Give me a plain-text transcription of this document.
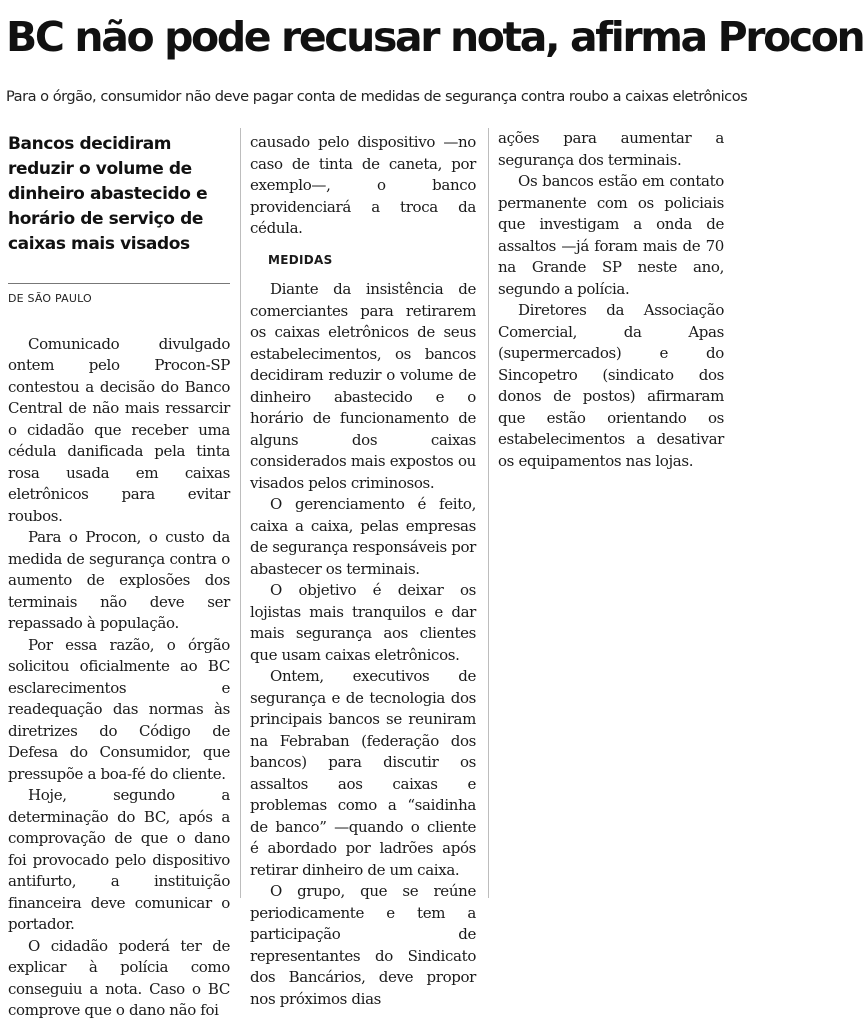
BC não pode recusar nota, afirma Procon
Para o órgão, consumidor não deve pagar conta de medidas de segurança contra roubo a caixas eletrônicos
Bancos decidiram reduzir o volume de dinheiro abastecido e horário de serviço de caixas mais visados
DE SÃO PAULO

Comunicado divulgado ontem pelo Procon-SP contestou a decisão do Banco Central de não mais ressarcir o cidadão que receber uma cédula danificada pela tinta rosa usada em caixas eletrônicos para evitar roubos.

Para o Procon, o custo da medida de segurança contra o aumento de explosões dos terminais não deve ser repassado à população.

Por essa razão, o órgão solicitou oficialmente ao BC esclarecimentos e readequação das normas às diretrizes do Código de Defesa do Consumidor, que pressupõe a boa-fé do cliente.

Hoje, segundo a determinação do BC, após a comprovação de que o dano foi provocado pelo dispositivo antifurto, a instituição financeira deve comunicar o portador.

O cidadão poderá ter de explicar à polícia como conseguiu a nota. Caso o BC comprove que o dano não foi

causado pelo dispositivo —no caso de tinta de caneta, por exemplo—, o banco providenciará a troca da cédula.

MEDIDAS

Diante da insistência de comerciantes para retirarem os caixas eletrônicos de seus estabelecimentos, os bancos decidiram reduzir o volume de dinheiro abastecido e o horário de funcionamento de alguns dos caixas considerados mais expostos ou visados pelos criminosos.

O gerenciamento é feito, caixa a caixa, pelas empresas de segurança responsáveis por abastecer os terminais.

O objetivo é deixar os lojistas mais tranquilos e dar mais segurança aos clientes que usam caixas eletrônicos.

Ontem, executivos de segurança e de tecnologia dos principais bancos se reuniram na Febraban (federação dos bancos) para discutir os assaltos aos caixas e problemas como a “saidinha de banco” —quando o cliente é abordado por ladrões após retirar dinheiro de um caixa.

O grupo, que se reúne periodicamente e tem a participação de representantes do Sindicato dos Bancários, deve propor nos próximos dias

ações para aumentar a segurança dos terminais.

Os bancos estão em contato permanente com os policiais que investigam a onda de assaltos —já foram mais de 70 na Grande SP neste ano, segundo a polícia.

Diretores da Associação Comercial, da Apas (supermercados) e do Sincopetro (sindicato dos donos de postos) afirmaram que estão orientando os estabelecimentos a desativar os equipamentos nas lojas.
